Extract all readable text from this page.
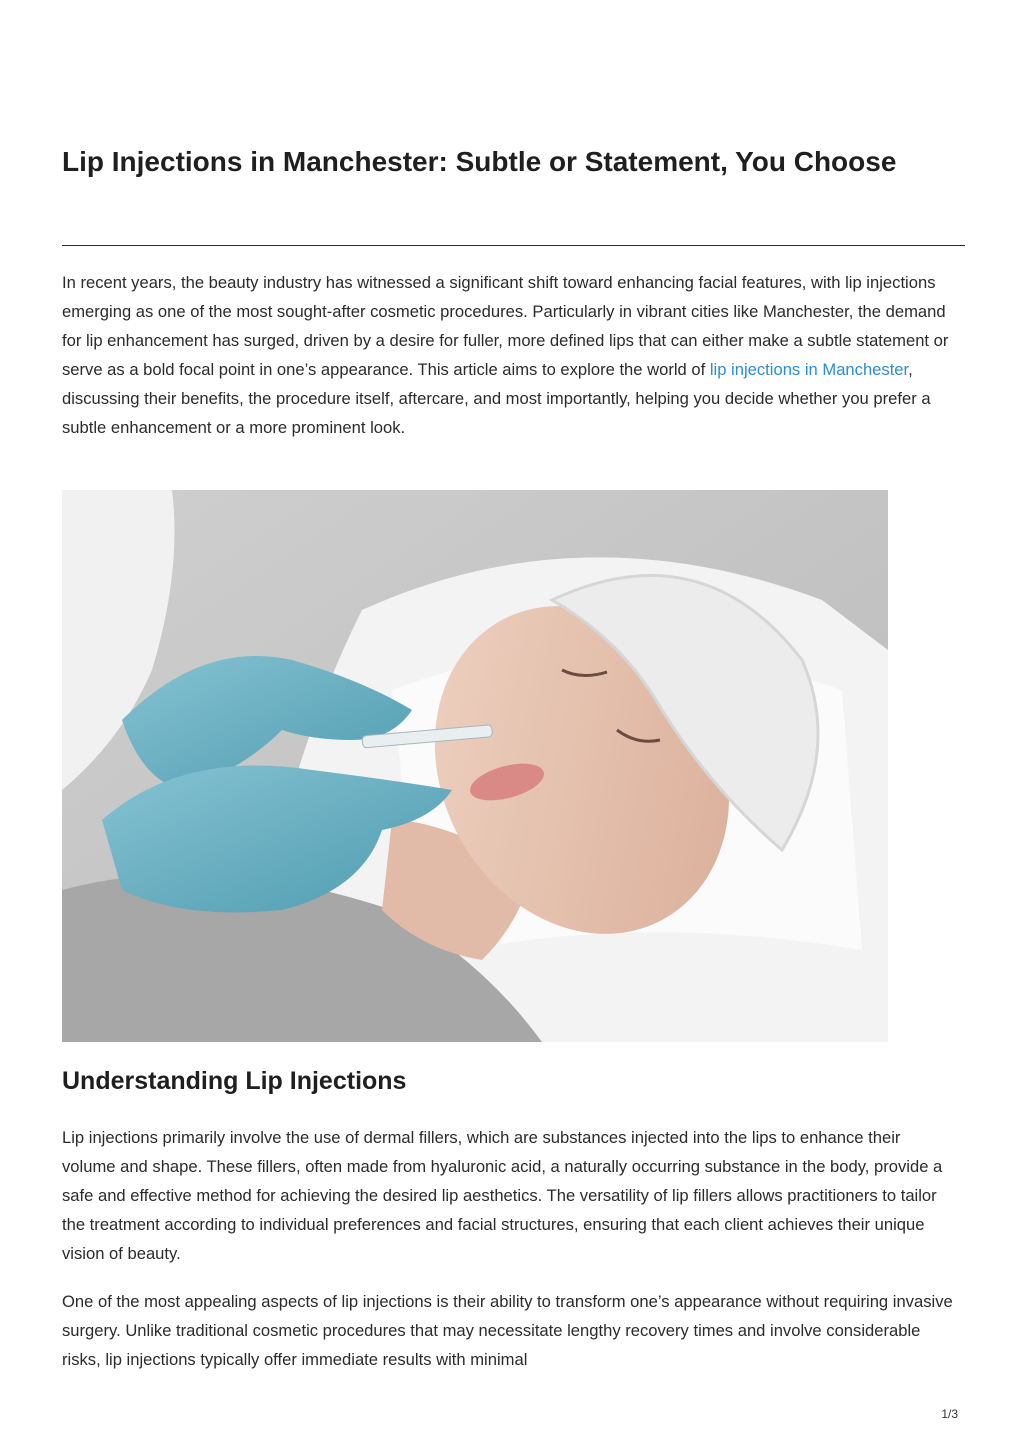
Lip Injections in Manchester: Subtle or Statement, You Choose

In recent years, the beauty industry has witnessed a significant shift toward enhancing facial features, with lip injections emerging as one of the most sought-after cosmetic procedures. Particularly in vibrant cities like Manchester, the demand for lip enhancement has surged, driven by a desire for fuller, more defined lips that can either make a subtle statement or serve as a bold focal point in one’s appearance. This article aims to explore the world of lip injections in Manchester, discussing their benefits, the procedure itself, aftercare, and most importantly, helping you decide whether you prefer a subtle enhancement or a more prominent look.

Understanding Lip Injections

Lip injections primarily involve the use of dermal fillers, which are substances injected into the lips to enhance their volume and shape. These fillers, often made from hyaluronic acid, a naturally occurring substance in the body, provide a safe and effective method for achieving the desired lip aesthetics. The versatility of lip fillers allows practitioners to tailor the treatment according to individual preferences and facial structures, ensuring that each client achieves their unique vision of beauty.

One of the most appealing aspects of lip injections is their ability to transform one’s appearance without requiring invasive surgery. Unlike traditional cosmetic procedures that may necessitate lengthy recovery times and involve considerable risks, lip injections typically offer immediate results with minimal

1/3
